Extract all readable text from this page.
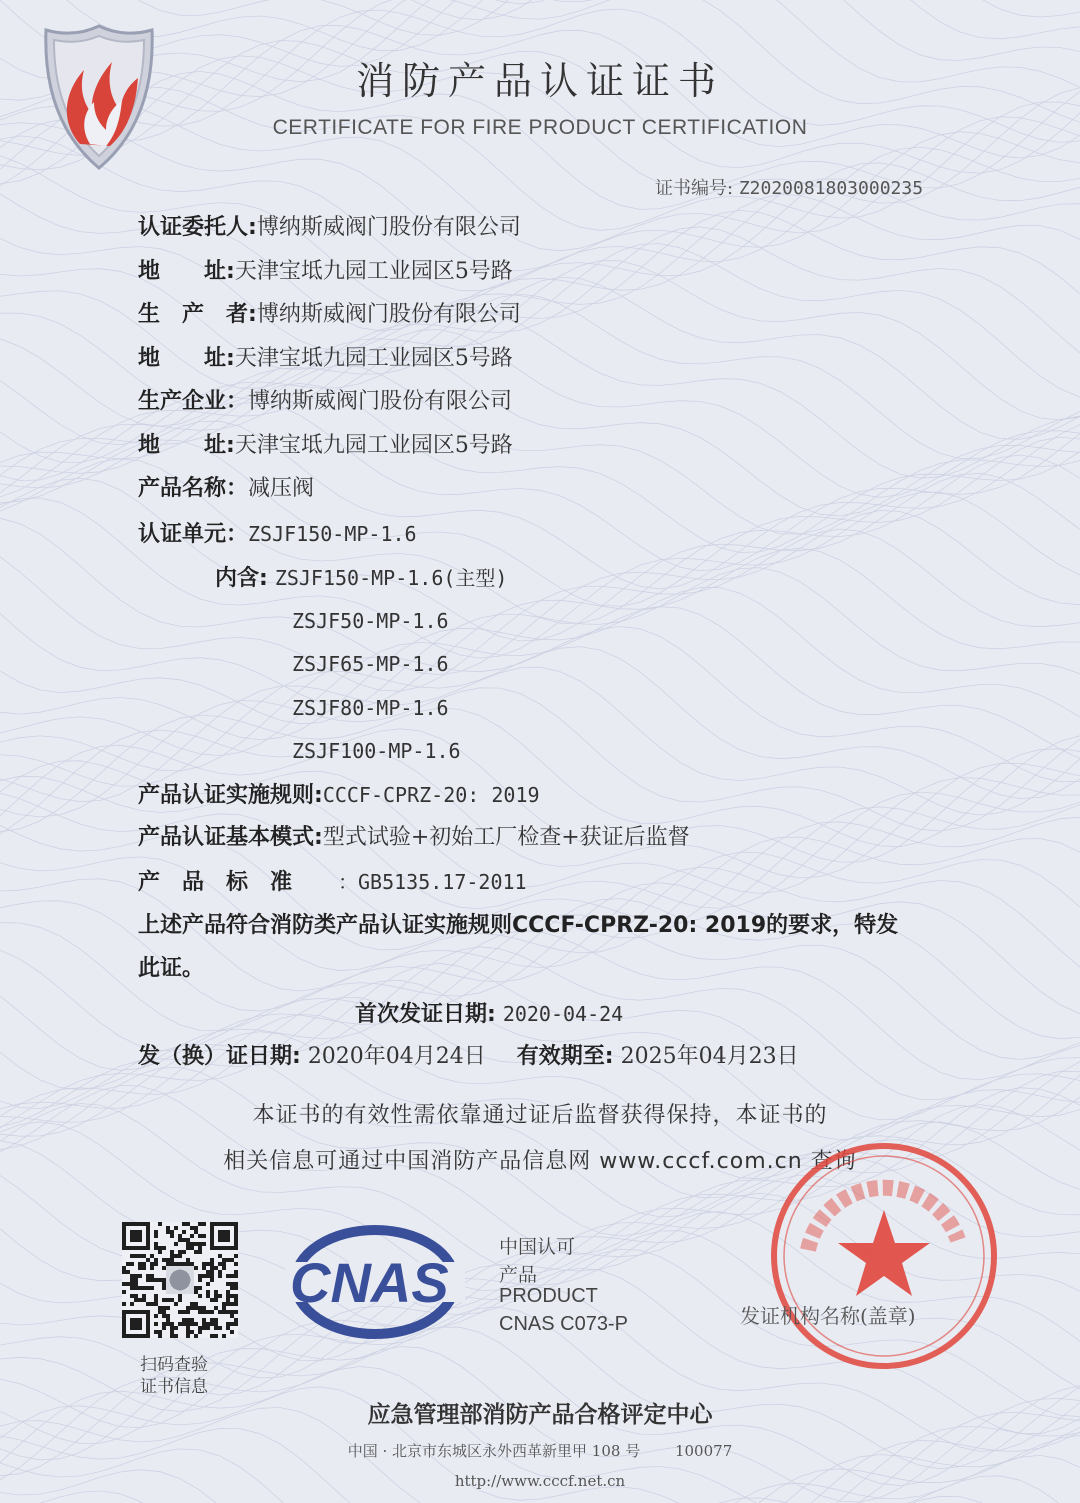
消防产品认证证书
CERTIFICATE FOR FIRE PRODUCT CERTIFICATION
证书编号: Z2020081803000235
认证委托人:博纳斯威阀门股份有限公司
地　　址:天津宝坻九园工业园区5号路
生　产　者:博纳斯威阀门股份有限公司
地　　址:天津宝坻九园工业园区5号路
生产企业：博纳斯威阀门股份有限公司
地　　址:天津宝坻九园工业园区5号路
产品名称：减压阀
认证单元：ZSJF150-MP-1.6
内含: ZSJF150-MP-1.6(主型)
ZSJF50-MP-1.6
ZSJF65-MP-1.6
ZSJF80-MP-1.6
ZSJF100-MP-1.6
产品认证实施规则:CCCF-CPRZ-20: 2019
产品认证基本模式:型式试验+初始工厂检查+获证后监督
产　品　标　准 ：GB5135.17-2011
上述产品符合消防类产品认证实施规则CCCF-CPRZ-20: 2019的要求，特发
此证。
首次发证日期: 2020-04-24
发（换）证日期: 2020年04月24日 有效期至: 2025年04月23日
本证书的有效性需依靠通过证后监督获得保持，本证书的
相关信息可通过中国消防产品信息网 www.cccf.com.cn 查询
扫码查验
证书信息
CNAS
中国认可
产品
PRODUCT
CNAS C073-P	发证机构名称(盖章)
应急管理部消防产品合格评定中心
中国 · 北京市东城区永外西革新里甲 108 号　　 100077
http://www.cccf.net.cn
